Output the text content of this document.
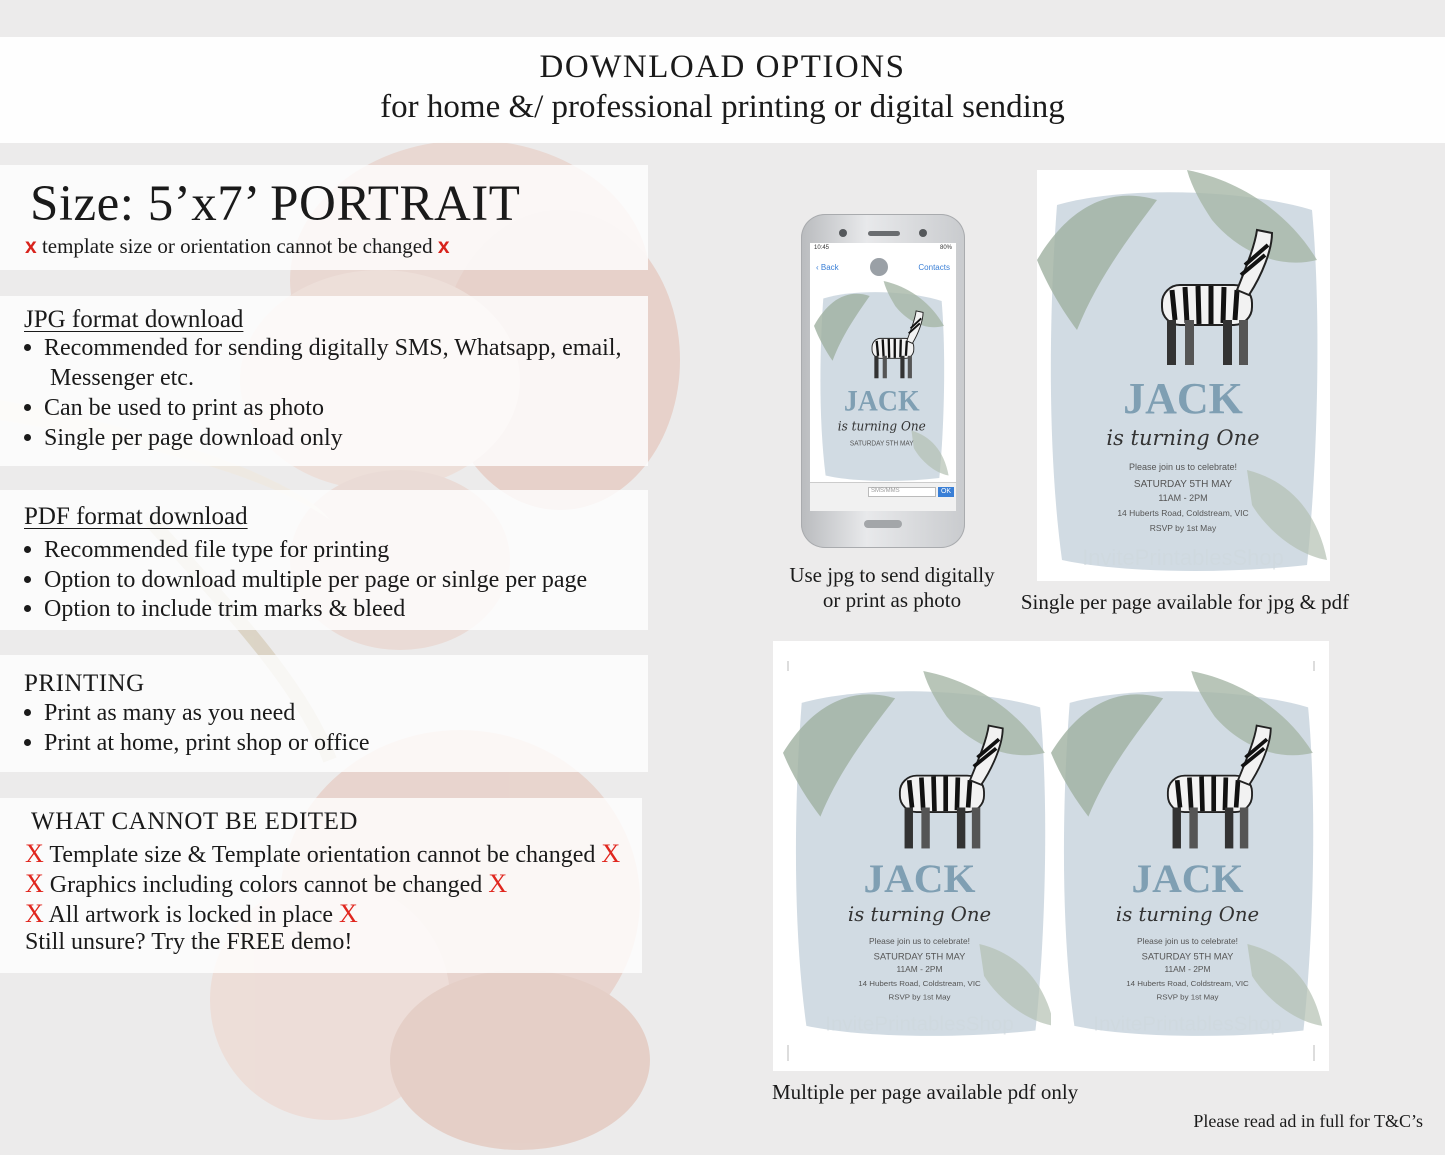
DOWNLOAD OPTIONS
for home &/ professional printing or digital sending
Size: 5’x7’ PORTRAIT
x template size or orientation cannot be changed x
JPG format download
Recommended for sending digitally SMS, Whatsapp, email,
Messenger etc.
Can be used to print as photo
Single per page download only
PDF format download
Recommended file type for printing
Option to download multiple per page or sinlge per page
Option to include trim marks & bleed
PRINTING
Print as many as you need
Print at home, print shop or office
WHAT CANNOT BE EDITED
X Template size & Template orientation cannot be changed X
X Graphics including colors cannot be changed X
X All artwork is locked in place X
Still unsure? Try the FREE demo!
10:45	80%
‹ Back	Contacts
JACK
is turning One
SATURDAY 5TH MAY
SMS/MMS	OK
JACK
is turning One
Please join us to celebrate!
SATURDAY 5TH MAY
11AM - 2PM
14 Huberts Road, Coldstream, VIC
RSVP by 1st May
InvitePrintablesShop
JACK
is turning One
Please join us to celebrate!
SATURDAY 5TH MAY
11AM - 2PM
14 Huberts Road, Coldstream, VIC
RSVP by 1st May
InvitePrintablesShop
JACK
is turning One
Please join us to celebrate!
SATURDAY 5TH MAY
11AM - 2PM
14 Huberts Road, Coldstream, VIC
RSVP by 1st May
InvitePrintablesShop
Use jpg to send digitally
or print as photo	Single per page available for jpg & pdf
Multiple per page available pdf only
Please read ad in full for T&C’s
